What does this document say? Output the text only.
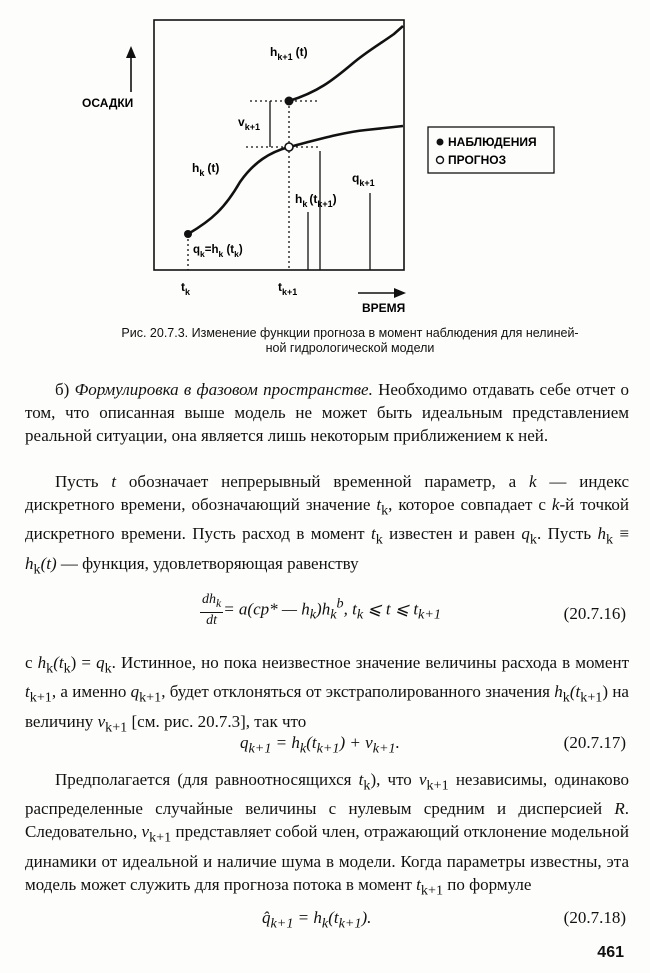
ОСАДКИ
$h_{k+1}$ (t)
$v_{k+1}$
$h_k$ (t)
$q_{k+1}$
$h_k$ $(t_{k+1})$
$q_k=h_k$ $(t_k)$
$t_k$	$t_{k+1}$
ВРЕМЯ
НАБЛЮДЕНИЯ
ПРОГНОЗ
Рис. 20.7.3. Изменение функции прогноза в момент наблюдения для нелиней-
ной гидрологической модели

б) Формулировка в фазовом пространстве. Необходимо отдавать себе отчет о том, что описанная выше модель не может быть идеальным представлением реальной ситуации, она является лишь некоторым приближением к ней.

Пусть t обозначает непрерывный временной параметр, а k — индекс дискретного времени, обозначающий значение $t_k$, которое совпадает с k-й точкой дискретного времени. Пусть расход в момент $t_k$ известен и равен $q_k$. Пусть $h_k \equiv h_k(t)$ — функция, удовлетворяющая равенству

$\frac{dh_k}{dt} = a(cp*$ — $h_k)h_k^b$, $t_k$ ⩽ t ⩽ $t_{k+1}$	(20.7.16)

с $h_k(t_k) = q_k$. Истинное, но пока неизвестное значение величины расхода в момент $t_{k+1}$, а именно $q_{k+1}$, будет отклоняться от экстраполированного значения $h_k(t_{k+1})$ на величину $v_{k+1}$ [см. рис. 20.7.3], так что

$q_{k+1} = h_k(t_{k+1}) + v_{k+1}$.	(20.7.17)

Предполагается (для равноотносящихся $t_k$), что $v_{k+1}$ независимы, одинаково распределенные случайные величины с нулевым средним и дисперсией R. Следовательно, $v_{k+1}$ представляет собой член, отражающий отклонение модельной динамики от идеальной и наличие шума в модели. Когда параметры известны, эта модель может служить для прогноза потока в момент $t_{k+1}$ по формуле

$q̂_{k+1} = h_k(t_{k+1})$.	(20.7.18)
461
